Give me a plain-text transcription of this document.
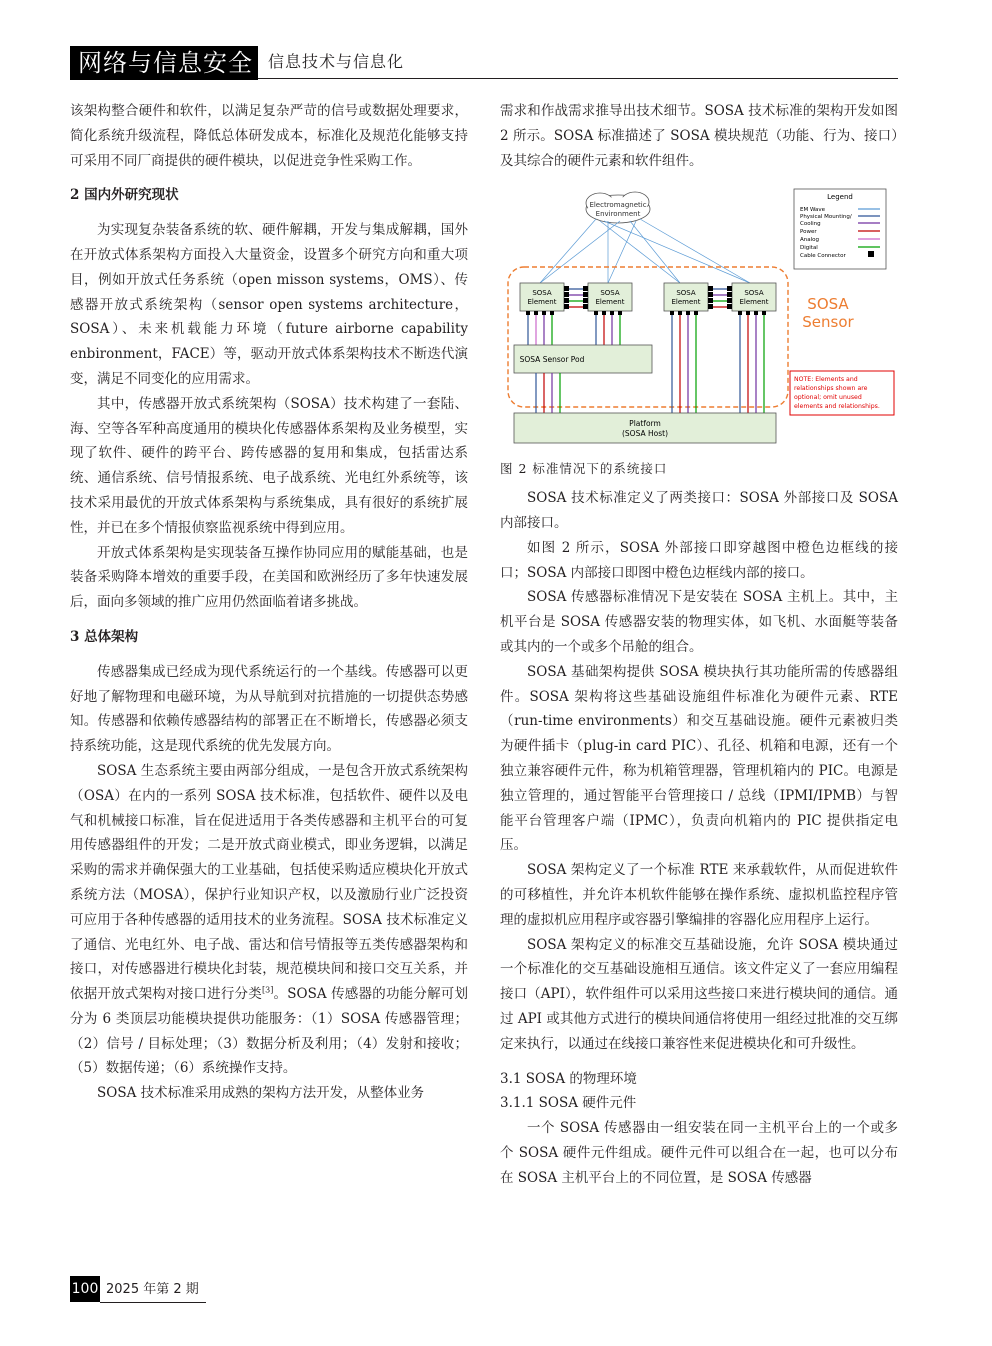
网络与信息安全 信息技术与信息化

该架构整合硬件和软件，以满足复杂严苛的信号或数据处理要求，简化系统升级流程，降低总体研发成本，标准化及规范化能够支持可采用不同厂商提供的硬件模块，以促进竞争性采购工作。

2 国内外研究现状

为实现复杂装备系统的软、硬件解耦，开发与集成解耦，国外在开放式体系架构方面投入大量资金，设置多个研究方向和重大项目，例如开放式任务系统（open misson systems，OMS）、传感器开放式系统架构（sensor open systems architecture，SOSA）、未来机载能力环境（future airborne capability enbironment，FACE）等，驱动开放式体系架构技术不断迭代演变，满足不同变化的应用需求。

其中，传感器开放式系统架构（SOSA）技术构建了一套陆、海、空等各军种高度通用的模块化传感器体系架构及业务模型，实现了软件、硬件的跨平台、跨传感器的复用和集成，包括雷达系统、通信系统、信号情报系统、电子战系统、光电红外系统等，该技术采用最优的开放式体系架构与系统集成，具有很好的系统扩展性，并已在多个情报侦察监视系统中得到应用。

开放式体系架构是实现装备互操作协同应用的赋能基础，也是装备采购降本增效的重要手段，在美国和欧洲经历了多年快速发展后，面向多领域的推广应用仍然面临着诸多挑战。

3 总体架构

传感器集成已经成为现代系统运行的一个基线。传感器可以更好地了解物理和电磁环境，为从导航到对抗措施的一切提供态势感知。传感器和依赖传感器结构的部署正在不断增长，传感器必须支持系统功能，这是现代系统的优先发展方向。

SOSA 生态系统主要由两部分组成，一是包含开放式系统架构（OSA）在内的一系列 SOSA 技术标准，包括软件、硬件以及电气和机械接口标准，旨在促进适用于各类传感器和主机平台的可复用传感器组件的开发；二是开放式商业模式，即业务逻辑，以满足采购的需求并确保强大的工业基础，包括使采购适应模块化开放式系统方法（MOSA），保护行业知识产权，以及激励行业广泛投资可应用于各种传感器的适用技术的业务流程。SOSA 技术标准定义了通信、光电红外、电子战、雷达和信号情报等五类传感器架构和接口，对传感器进行模块化封装，规范模块间和接口交互关系，并依据开放式架构对接口进行分类[3]。SOSA 传感器的功能分解可划分为 6 类顶层功能模块提供功能服务：（1）SOSA 传感器管理；（2）信号 / 目标处理；（3）数据分析及利用；（4）发射和接收；（5）数据传递；（6）系统操作支持。

SOSA 技术标准采用成熟的架构方法开发，从整体业务

需求和作战需求推导出技术细节。SOSA 技术标准的架构开发如图 2 所示。SOSA 标准描述了 SOSA 模块规范（功能、行为、接口）及其综合的硬件元素和软件组件。

Electromagnetic
Environment
SOSA
Element
SOSA
Element
SOSA
Element
SOSA
Element
SOSA Sensor Pod
Platform
(SOSA Host)
SOSA
Sensor
Legend
EM Wave
Physical Mounting/
Cooling
Power
Analog
Digital
Cable Connector
NOTE: Elements and
relationships shown are
optional; omit unused
elements and relationships.

图 2 标准情况下的系统接口

SOSA 技术标准定义了两类接口：SOSA 外部接口及 SOSA 内部接口。

如图 2 所示，SOSA 外部接口即穿越图中橙色边框线的接口；SOSA 内部接口即图中橙色边框线内部的接口。

SOSA 传感器标准情况下是安装在 SOSA 主机上。其中，主机平台是 SOSA 传感器安装的物理实体，如飞机、水面艇等装备或其内的一个或多个吊舱的组合。

SOSA 基础架构提供 SOSA 模块执行其功能所需的传感器组件。SOSA 架构将这些基础设施组件标准化为硬件元素、RTE（run-time environments）和交互基础设施。硬件元素被归类为硬件插卡（plug-in card PIC）、孔径、机箱和电源，还有一个独立兼容硬件元件，称为机箱管理器，管理机箱内的 PIC。电源是独立管理的，通过智能平台管理接口 / 总线（IPMI/IPMB）与智能平台管理客户端（IPMC），负责向机箱内的 PIC 提供指定电压。

SOSA 架构定义了一个标准 RTE 来承载软件，从而促进软件的可移植性，并允许本机软件能够在操作系统、虚拟机监控程序管理的虚拟机应用程序或容器引擎编排的容器化应用程序上运行。

SOSA 架构定义的标准交互基础设施，允许 SOSA 模块通过一个标准化的交互基础设施相互通信。该文件定义了一套应用编程接口（API），软件组件可以采用这些接口来进行模块间的通信。通过 API 或其他方式进行的模块间通信将使用一组经过批准的交互绑定来执行，以通过在线接口兼容性来促进模块化和可升级性。

3.1 SOSA 的物理环境

3.1.1 SOSA 硬件元件

一个 SOSA 传感器由一组安装在同一主机平台上的一个或多个 SOSA 硬件元件组成。硬件元件可以组合在一起，也可以分布在 SOSA 主机平台上的不同位置，是 SOSA 传感器

100 2025 年第 2 期
